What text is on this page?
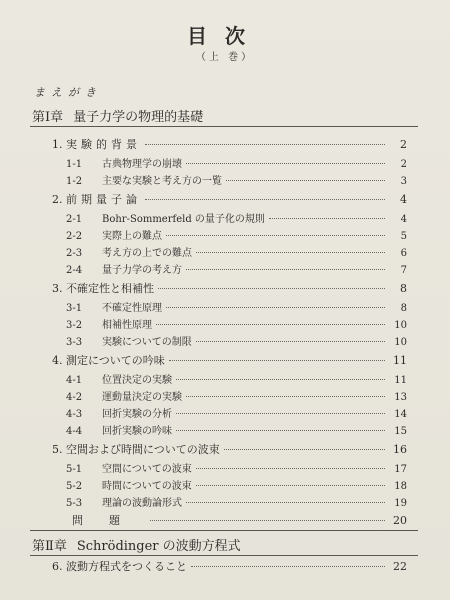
目次
（上 巻）
まえがき
第Ⅰ章 量子力学の物理的基礎
1. 実験的背景	2
1-1	古典物理学の崩壊	2
1-2	主要な実験と考え方の一覧	3
2. 前期量子論	4
2-1	Bohr-Sommerfeld の量子化の規則	4
2-2	実際上の難点	5
2-3	考え方の上での難点	6
2-4	量子力学の考え方	7
3. 不確定性と相補性	8
3-1	不確定性原理	8
3-2	相補性原理	10
3-3	実験についての制限	10
4. 測定についての吟味	11
4-1	位置決定の実験	11
4-2	運動量決定の実験	13
4-3	回折実験の分析	14
4-4	回折実験の吟味	15
5. 空間および時間についての波束	16
5-1	空間についての波束	17
5-2	時間についての波束	18
5-3	理論の波動論形式	19
問題	20
第Ⅱ章 Schrödinger の波動方程式
6. 波動方程式をつくること	22
